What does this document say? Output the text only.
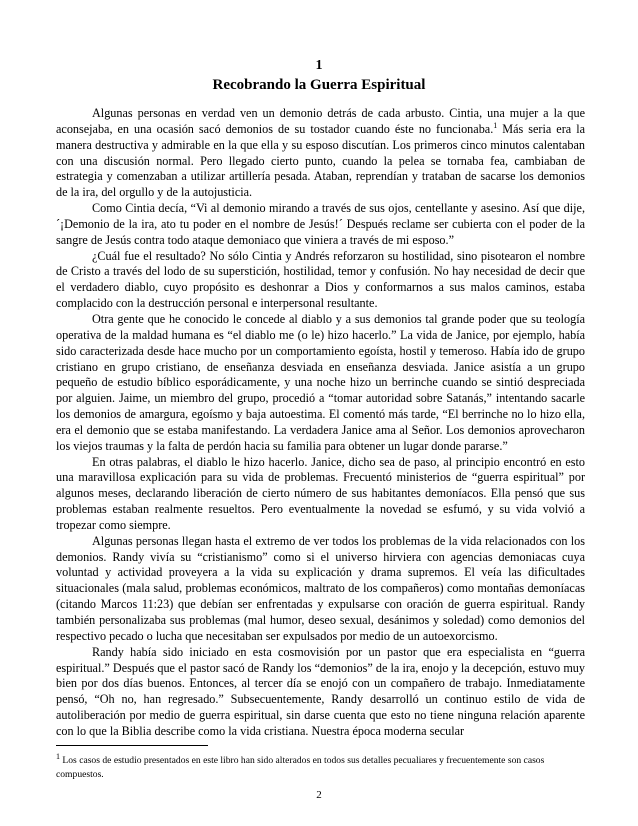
1
Recobrando la Guerra Espiritual

Algunas personas en verdad ven un demonio detrás de cada arbusto. Cintia, una mujer a la que aconsejaba, en una ocasión sacó demonios de su tostador cuando éste no funcionaba.$^1$ Más seria era la manera destructiva y admirable en la que ella y su esposo discutían. Los primeros cinco minutos calentaban con una discusión normal. Pero llegado cierto punto, cuando la pelea se tornaba fea, cambiaban de estrategia y comenzaban a utilizar artillería pesada. Ataban, reprendían y trataban de sacarse los demonios de la ira, del orgullo y de la autojusticia.

Como Cintia decía, “Vi al demonio mirando a través de sus ojos, centellante y asesino. Así que dije, ´¡Demonio de la ira, ato tu poder en el nombre de Jesús!´ Después reclame ser cubierta con el poder de la sangre de Jesús contra todo ataque demoniaco que viniera a través de mi esposo.”

¿Cuál fue el resultado? No sólo Cintia y Andrés reforzaron su hostilidad, sino pisotearon el nombre de Cristo a través del lodo de su superstición, hostilidad, temor y confusión. No hay necesidad de decir que el verdadero diablo, cuyo propósito es deshonrar a Dios y conformarnos a sus malos caminos, estaba complacido con la destrucción personal e interpersonal resultante.

Otra gente que he conocido le concede al diablo y a sus demonios tal grande poder que su teología operativa de la maldad humana es “el diablo me (o le) hizo hacerlo.” La vida de Janice, por ejemplo, había sido caracterizada desde hace mucho por un comportamiento egoísta, hostil y temeroso. Había ido de grupo cristiano en grupo cristiano, de enseñanza desviada en enseñanza desviada. Janice asistía a un grupo pequeño de estudio bíblico esporádicamente, y una noche hizo un berrinche cuando se sintió despreciada por alguien. Jaime, un miembro del grupo, procedió a “tomar autoridad sobre Satanás,” intentando sacarle los demonios de amargura, egoísmo y baja autoestima. El comentó más tarde, “El berrinche no lo hizo ella, era el demonio que se estaba manifestando. La verdadera Janice ama al Señor. Los demonios aprovecharon los viejos traumas y la falta de perdón hacia su familia para obtener un lugar donde pararse.”

En otras palabras, el diablo le hizo hacerlo. Janice, dicho sea de paso, al principio encontró en esto una maravillosa explicación para su vida de problemas. Frecuentó ministerios de “guerra espiritual” por algunos meses, declarando liberación de cierto número de sus habitantes demoníacos. Ella pensó que sus problemas estaban realmente resueltos. Pero eventualmente la novedad se esfumó, y su vida volvió a tropezar como siempre.

Algunas personas llegan hasta el extremo de ver todos los problemas de la vida relacionados con los demonios. Randy vivía su “cristianismo” como si el universo hirviera con agencias demoniacas cuya voluntad y actividad proveyera a la vida su explicación y drama supremos. El veía las dificultades situacionales (mala salud, problemas económicos, maltrato de los compañeros) como montañas demoníacas (citando Marcos 11:23) que debían ser enfrentadas y expulsarse con oración de guerra espiritual. Randy también personalizaba sus problemas (mal humor, deseo sexual, desánimos y soledad) como demonios del respectivo pecado o lucha que necesitaban ser expulsados por medio de un autoexorcismo.

Randy había sido iniciado en esta cosmovisión por un pastor que era especialista en “guerra espiritual.” Después que el pastor sacó de Randy los “demonios” de la ira, enojo y la decepción, estuvo muy bien por dos días buenos. Entonces, al tercer día se enojó con un compañero de trabajo. Inmediatamente pensó, “Oh no, han regresado.” Subsecuentemente, Randy desarrolló un continuo estilo de vida de autoliberación por medio de guerra espiritual, sin darse cuenta que esto no tiene ninguna relación aparente con lo que la Biblia describe como la vida cristiana. Nuestra época moderna secular

$^1$ Los casos de estudio presentados en este libro han sido alterados en todos sus detalles pecualiares y frecuentemente son casos compuestos.
2
